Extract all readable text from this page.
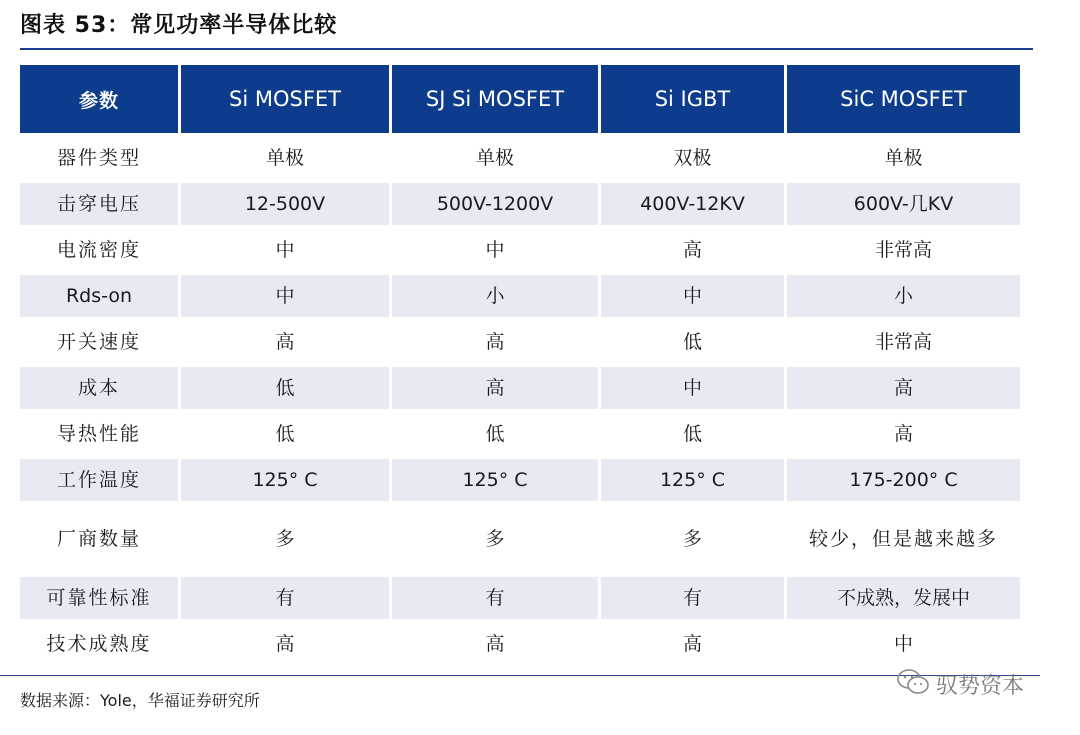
图表 53：常见功率半导体比较
参数	Si MOSFET	SJ Si MOSFET	Si IGBT	SiC MOSFET
器件类型	单极	单极	双极	单极
击穿电压	12-500V	500V-1200V	400V-12KV	600V-几KV
电流密度	中	中	高	非常高
Rds-on	中	小	中	小
开关速度	高	高	低	非常高
成本	低	高	中	高
导热性能	低	低	低	高
工作温度	125° C	125° C	125° C	175-200° C
厂商数量	多	多	多	较少，但是越来越多
可靠性标准	有	有	有	不成熟，发展中
技术成熟度	高	高	高	中
数据来源：Yole，华福证券研究所
驭势资本
